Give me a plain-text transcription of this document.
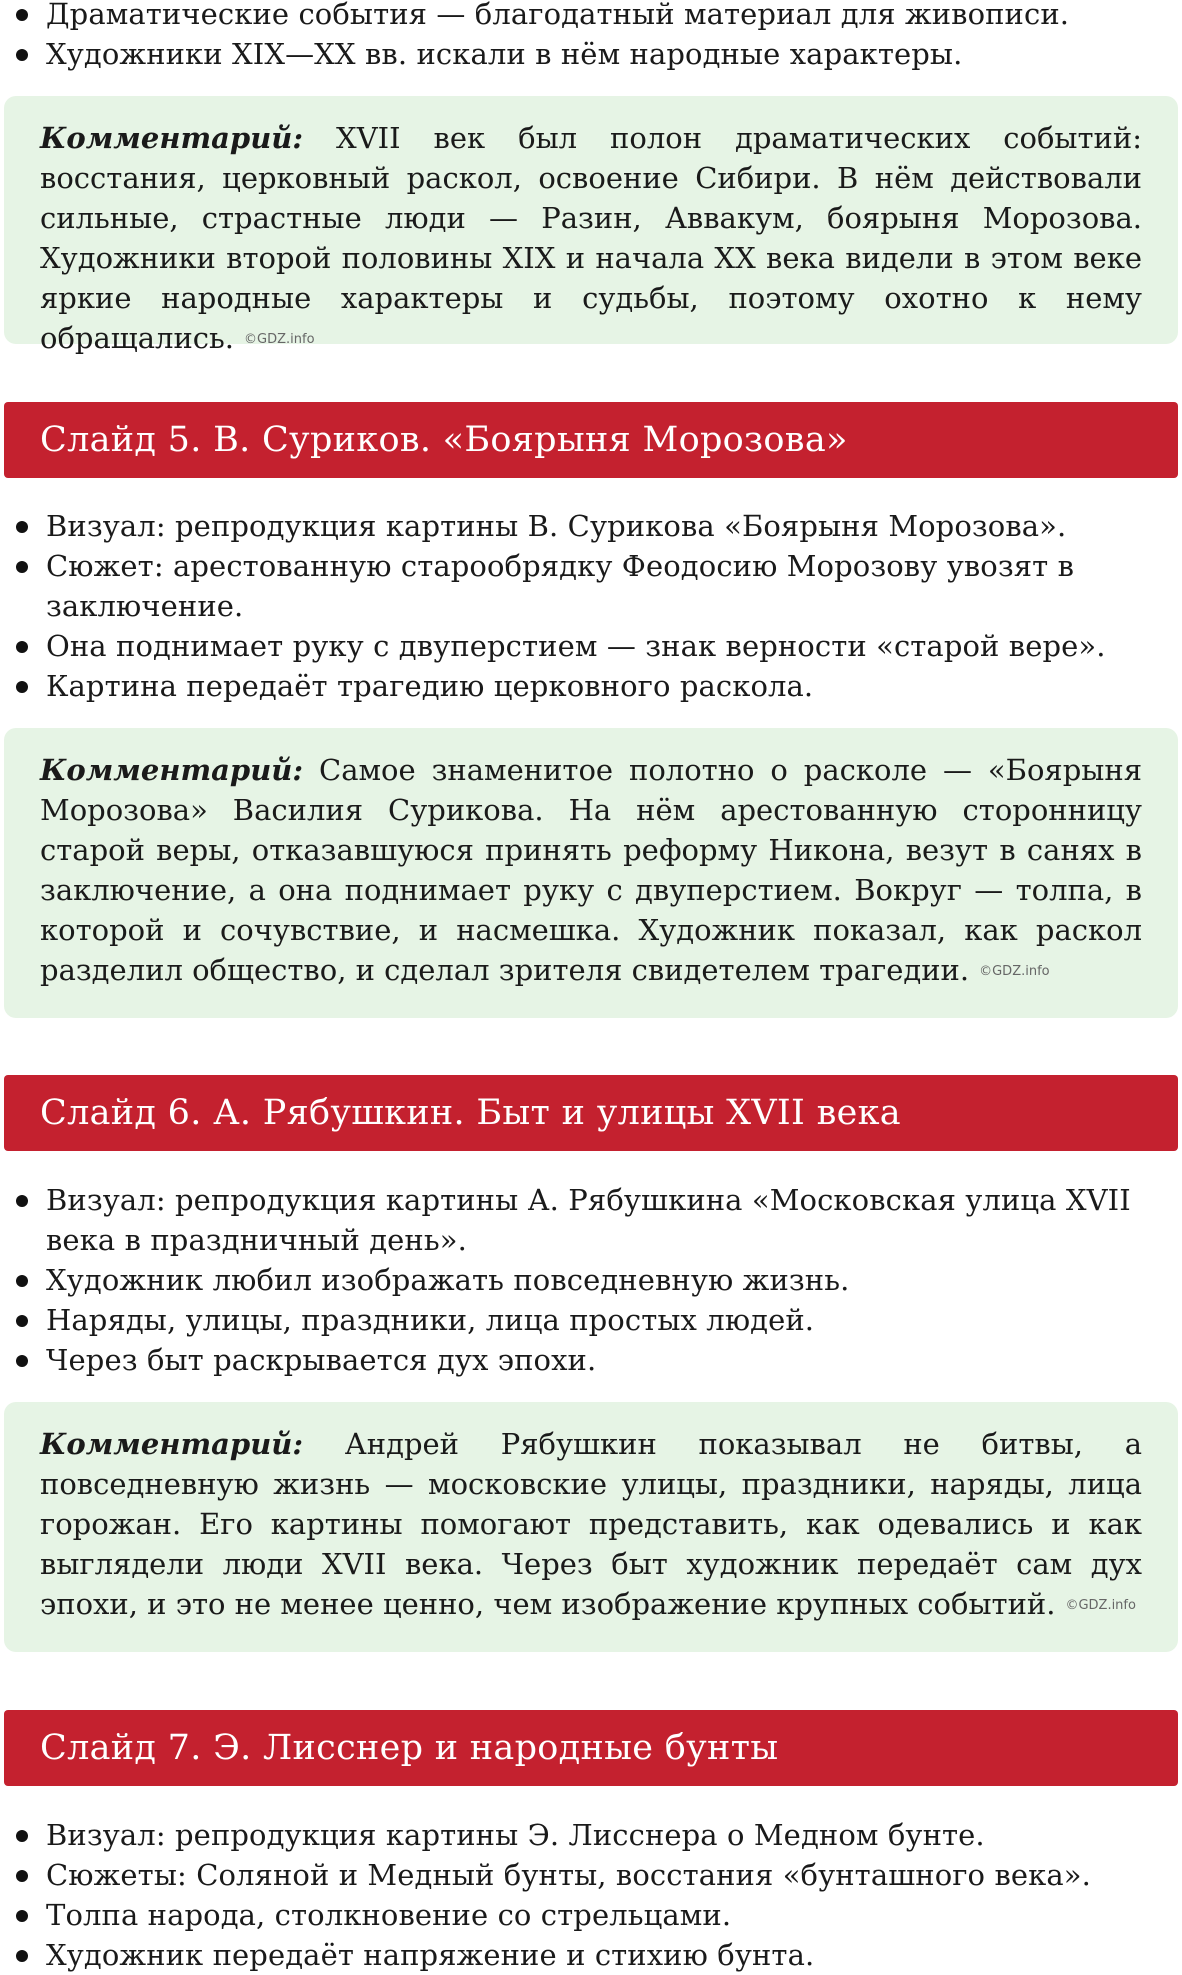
Драматические события — благодатный материал для живописи.
Художники XIX—XX вв. искали в нём народные характеры.
Комментарий: XVII век был полон драматических событий: восстания, церковный раскол, освоение Сибири. В нём действовали сильные, страстные люди — Разин, Аввакум, боярыня Морозова. Художники второй половины XIX и начала XX века видели в этом веке яркие народные характеры и судьбы, поэтому охотно к нему обращались. ©GDZ.info
Слайд 5. В. Суриков. «Боярыня Морозова»
Визуал: репродукция картины В. Сурикова «Боярыня Морозова».
Сюжет: арестованную старообрядку Феодосию Морозову увозят в заключение.
Она поднимает руку с двуперстием — знак верности «старой вере».
Картина передаёт трагедию церковного раскола.
Комментарий: Самое знаменитое полотно о расколе — «Боярыня Морозова» Василия Сурикова. На нём арестованную сторонницу старой веры, отказавшуюся принять реформу Никона, везут в санях в заключение, а она поднимает руку с двуперстием. Вокруг — толпа, в которой и сочувствие, и насмешка. Художник показал, как раскол разделил общество, и сделал зрителя свидетелем трагедии. ©GDZ.info
Слайд 6. А. Рябушкин. Быт и улицы XVII века
Визуал: репродукция картины А. Рябушкина «Московская улица XVII века в праздничный день».
Художник любил изображать повседневную жизнь.
Наряды, улицы, праздники, лица простых людей.
Через быт раскрывается дух эпохи.
Комментарий: Андрей Рябушкин показывал не битвы, а повседневную жизнь — московские улицы, праздники, наряды, лица горожан. Его картины помогают представить, как одевались и как выглядели люди XVII века. Через быт художник передаёт сам дух эпохи, и это не менее ценно, чем изображение крупных событий. ©GDZ.info
Слайд 7. Э. Лисснер и народные бунты
Визуал: репродукция картины Э. Лисснера о Медном бунте.
Сюжеты: Соляной и Медный бунты, восстания «бунташного века».
Толпа народа, столкновение со стрельцами.
Художник передаёт напряжение и стихию бунта.
